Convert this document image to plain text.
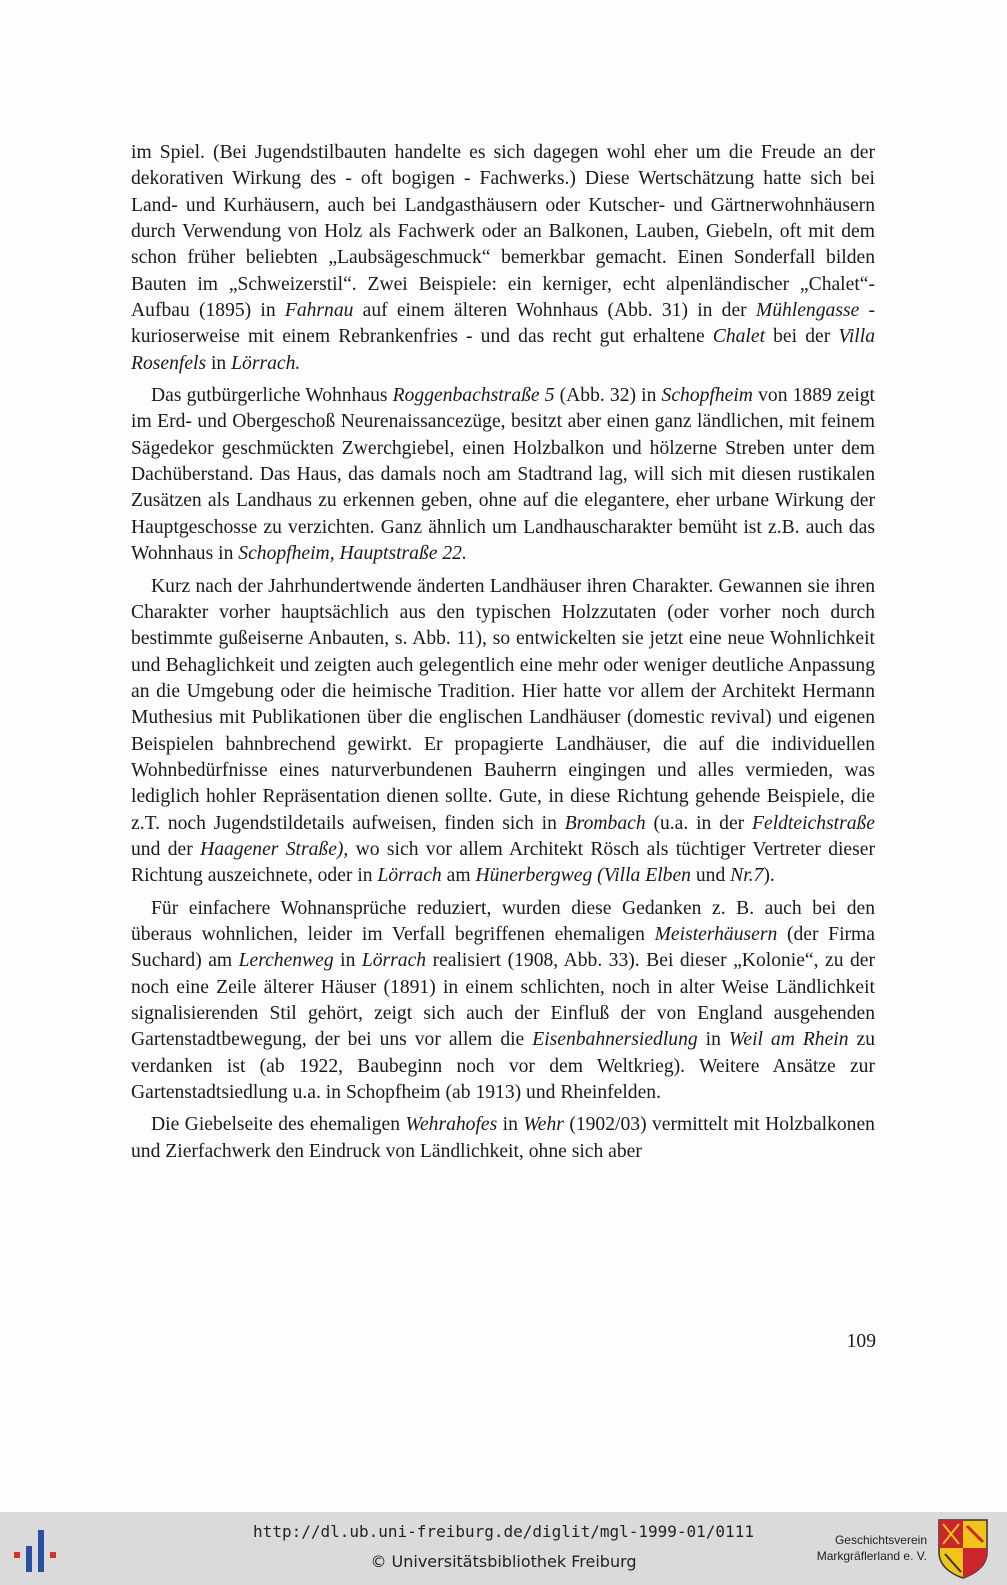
im Spiel. (Bei Jugendstilbauten handelte es sich dagegen wohl eher um die Freude an der dekorativen Wirkung des - oft bogigen - Fachwerks.) Diese Wertschätzung hatte sich bei Land- und Kurhäusern, auch bei Landgasthäusern oder Kutscher- und Gärtnerwohnhäusern durch Verwendung von Holz als Fachwerk oder an Balkonen, Lauben, Giebeln, oft mit dem schon früher beliebten „Laubsägeschmuck“ bemerkbar gemacht. Einen Sonderfall bilden Bauten im „Schweizerstil“. Zwei Beispiele: ein kerniger, echt alpenländischer „Chalet“-Aufbau (1895) in Fahrnau auf einem älteren Wohnhaus (Abb. 31) in der Mühlengasse - kurioserweise mit einem Rebrankenfries - und das recht gut erhaltene Chalet bei der Villa Rosenfels in Lörrach.

Das gutbürgerliche Wohnhaus Roggenbachstraße 5 (Abb. 32) in Schopfheim von 1889 zeigt im Erd- und Obergeschoß Neurenaissancezüge, besitzt aber einen ganz ländlichen, mit feinem Sägedekor geschmückten Zwerchgiebel, einen Holzbalkon und hölzerne Streben unter dem Dachüberstand. Das Haus, das damals noch am Stadtrand lag, will sich mit diesen rustikalen Zusätzen als Landhaus zu erkennen geben, ohne auf die elegantere, eher urbane Wirkung der Hauptgeschosse zu verzichten. Ganz ähnlich um Landhauscharakter bemüht ist z.B. auch das Wohnhaus in Schopfheim, Hauptstraße 22.

Kurz nach der Jahrhundertwende änderten Landhäuser ihren Charakter. Gewannen sie ihren Charakter vorher hauptsächlich aus den typischen Holzzutaten (oder vorher noch durch bestimmte gußeiserne Anbauten, s. Abb. 11), so entwickelten sie jetzt eine neue Wohnlichkeit und Behaglichkeit und zeigten auch gelegentlich eine mehr oder weniger deutliche Anpassung an die Umgebung oder die heimische Tradition. Hier hatte vor allem der Architekt Hermann Muthesius mit Publikationen über die englischen Landhäuser (domestic revival) und eigenen Beispielen bahnbrechend gewirkt. Er propagierte Landhäuser, die auf die individuellen Wohnbedürfnisse eines naturverbundenen Bauherrn eingingen und alles vermieden, was lediglich hohler Repräsentation dienen sollte. Gute, in diese Richtung gehende Beispiele, die z.T. noch Jugendstildetails aufweisen, finden sich in Brombach (u.a. in der Feldteichstraße und der Haagener Straße), wo sich vor allem Architekt Rösch als tüchtiger Vertreter dieser Richtung auszeichnete, oder in Lörrach am Hünerbergweg (Villa Elben und Nr.7).

Für einfachere Wohnansprüche reduziert, wurden diese Gedanken z. B. auch bei den überaus wohnlichen, leider im Verfall begriffenen ehemaligen Meisterhäusern (der Firma Suchard) am Lerchenweg in Lörrach realisiert (1908, Abb. 33). Bei dieser „Kolonie“, zu der noch eine Zeile älterer Häuser (1891) in einem schlichten, noch in alter Weise Ländlichkeit signalisierenden Stil gehört, zeigt sich auch der Einfluß der von England ausgehenden Gartenstadtbewegung, der bei uns vor allem die Eisenbahnersiedlung in Weil am Rhein zu verdanken ist (ab 1922, Baubeginn noch vor dem Weltkrieg). Weitere Ansätze zur Gartenstadtsiedlung u.a. in Schopfheim (ab 1913) und Rheinfelden.

Die Giebelseite des ehemaligen Wehrahofes in Wehr (1902/03) vermittelt mit Holzbalkonen und Zierfachwerk den Eindruck von Ländlichkeit, ohne sich aber

109
http://dl.ub.uni-freiburg.de/diglit/mgl-1999-01/0111
© Universitätsbibliothek Freiburg
Geschichtsverein
Markgräflerland e. V.
